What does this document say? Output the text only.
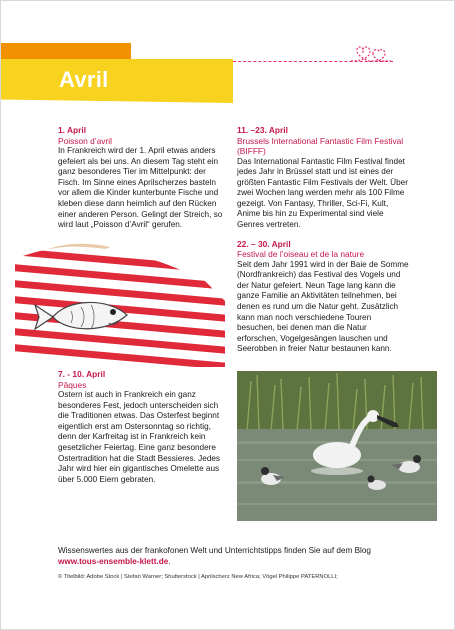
Avril
1. April
Poisson d’avril

In Frankreich wird der 1. April etwas anders gefeiert als bei uns. An diesem Tag steht ein ganz besonderes Tier im Mittelpunkt: der Fisch. Im Sinne eines Aprilscherzes basteln vor allem die Kinder kunterbunte Fische und kleben diese dann heimlich auf den Rücken einer anderen Person. Gelingt der Streich, so wird laut „Poisson d’Avril“ gerufen.

7. - 10. April
Pâques

Ostern ist auch in Frankreich ein ganz besonderes Fest, jedoch unterscheiden sich die Traditionen etwas. Das Osterfest beginnt eigentlich erst am Ostersonntag so richtig, denn der Karfreitag ist in Frankreich kein gesetzlicher Feiertag. Eine ganz besondere Ostertradition hat die Stadt Bessieres. Jedes Jahr wird hier ein gigantisches Omelette aus über 5.000 Eiern gebraten.

11. –23. April
Brussels International Fantastic Film Festival (BIFFF)

Das International Fantastic Film Festival findet jedes Jahr in Brüssel statt und ist eines der größten Fantastic Film Festivals der Welt. Über zwei Wochen lang werden mehr als 100 Filme gezeigt. Von Fantasy, Thriller, Sci-Fi, Kult, Anime bis hin zu Experimental sind viele Genres vertreten.

22. – 30. April
Festival de l’oiseau et de la nature

Seit dem Jahr 1991 wird in der Baie de Somme (Nordfrankreich) das Festival des Vogels und der Natur gefeiert. Neun Tage lang kann die ganze Familie an Aktivitäten teilnehmen, bei denen es rund um die Natur geht. Zusätzlich kann man noch verschiedene Touren besuchen, bei denen man die Natur erforschen, Vogelgesängen lauschen und Seerobben in freier Natur bestaunen kann.

Wissenswertes aus der frankofonen Welt und Unterrichtstipps finden Sie auf dem Blog
www.tous-ensemble-klett.de.
© Titelbild: Adobe Stock | Stefan Warner; Shutterstock | Aprilscherz New Africa; Vögel Philippe PATERNOLLI;
